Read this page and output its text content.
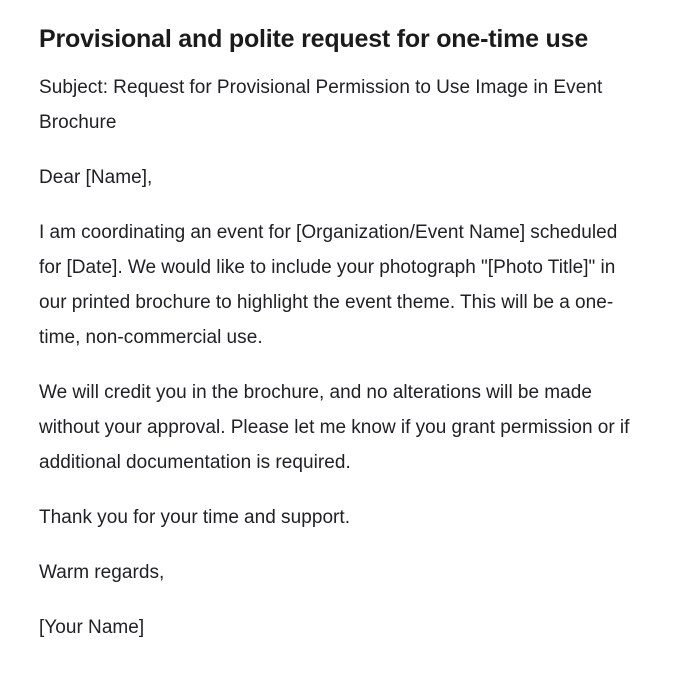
Provisional and polite request for one-time use

Subject: Request for Provisional Permission to Use Image in Event Brochure

Dear [Name],

I am coordinating an event for [Organization/Event Name] scheduled for [Date]. We would like to include your photograph "[Photo Title]" in our printed brochure to highlight the event theme. This will be a one-time, non-commercial use.

We will credit you in the brochure, and no alterations will be made without your approval. Please let me know if you grant permission or if additional documentation is required.

Thank you for your time and support.

Warm regards,

[Your Name]
